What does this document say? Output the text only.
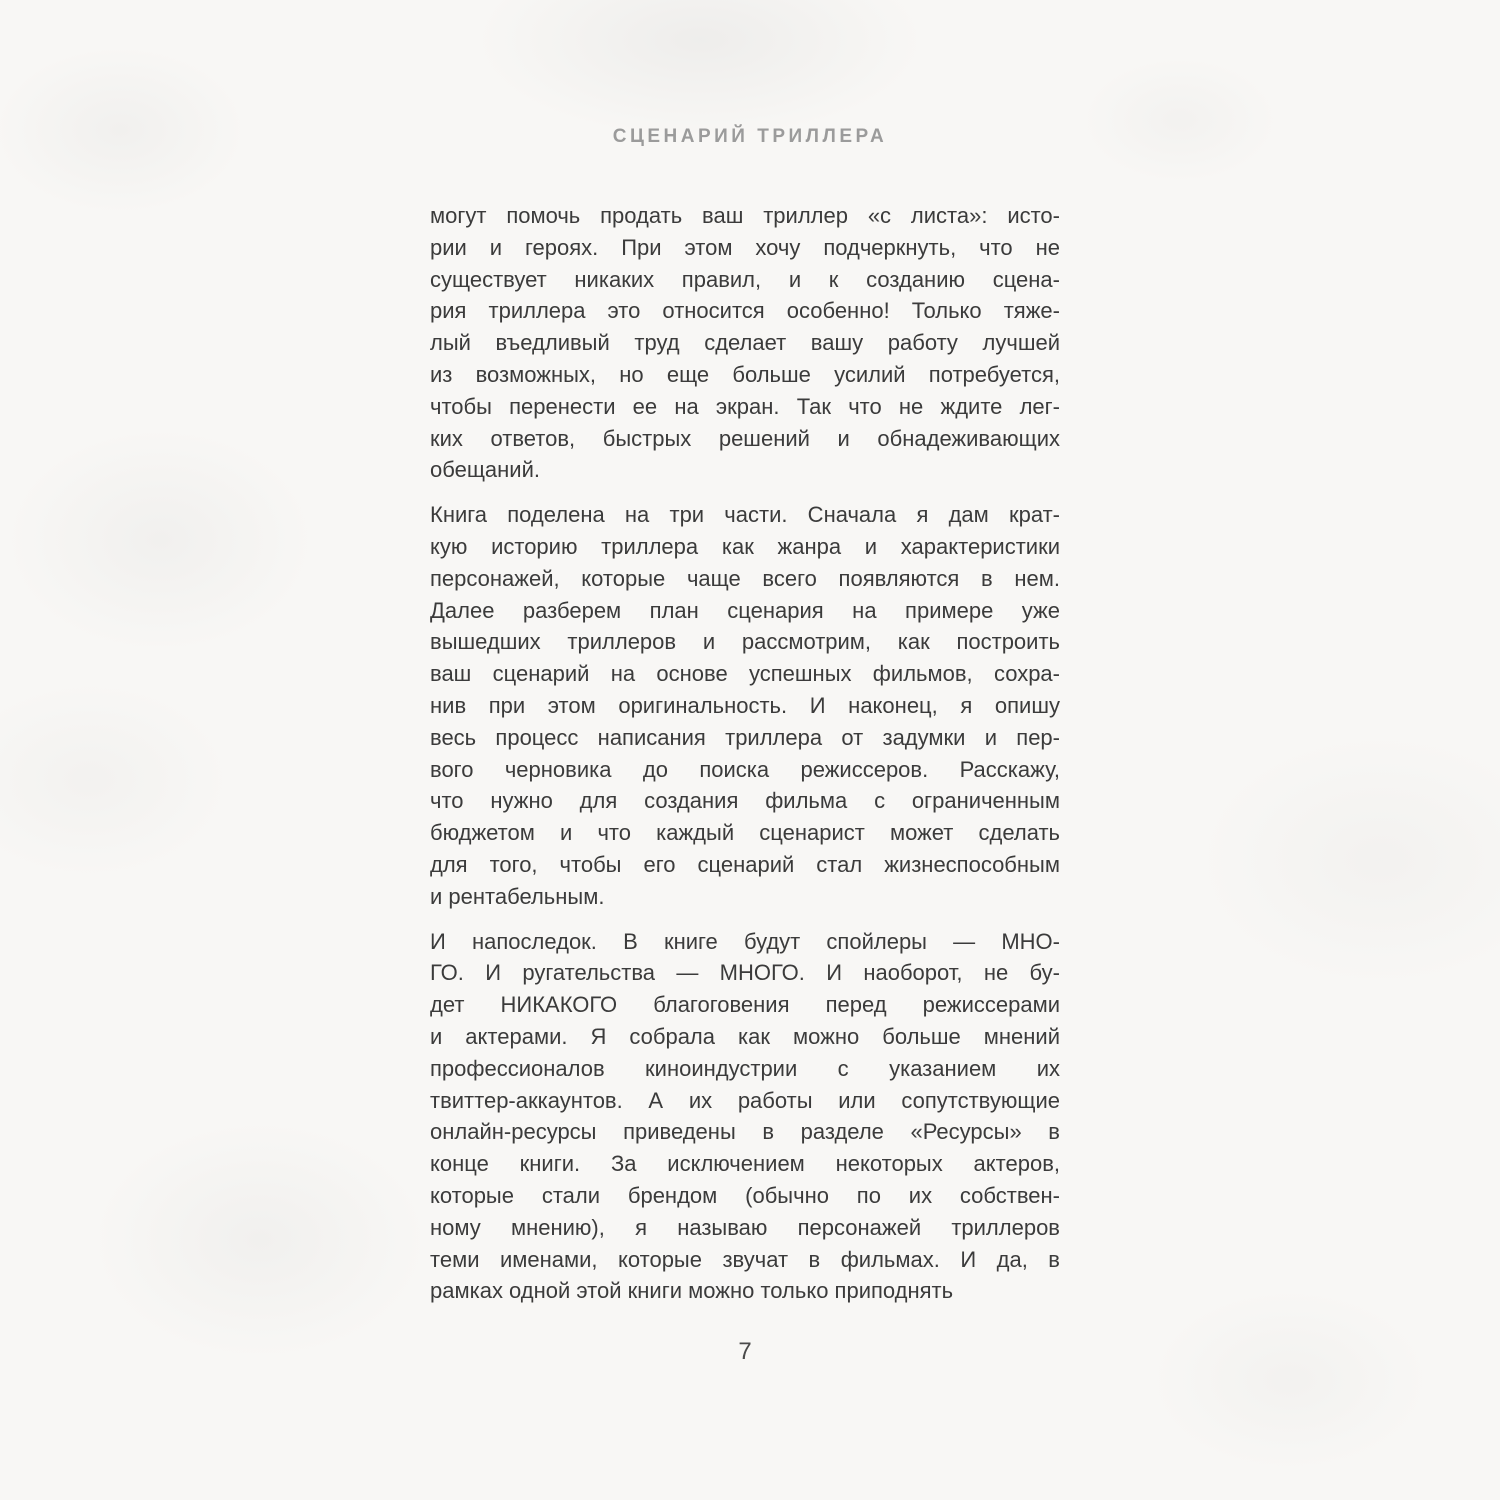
СЦЕНАРИЙ ТРИЛЛЕРА
могут помочь продать ваш триллер «с листа»: исто-
рии и героях. При этом хочу подчеркнуть, что не
существует никаких правил, и к созданию сцена-
рия триллера это относится особенно! Только тяже-
лый въедливый труд сделает вашу работу лучшей
из возможных, но еще больше усилий потребуется,
чтобы перенести ее на экран. Так что не ждите лег-
ких ответов, быстрых решений и обнадеживающих
обещаний.
Книга поделена на три части. Сначала я дам крат-
кую историю триллера как жанра и характеристики
персонажей, которые чаще всего появляются в нем.
Далее разберем план сценария на примере уже
вышедших триллеров и рассмотрим, как построить
ваш сценарий на основе успешных фильмов, сохра-
нив при этом оригинальность. И наконец, я опишу
весь процесс написания триллера от задумки и пер-
вого черновика до поиска режиссеров. Расскажу,
что нужно для создания фильма с ограниченным
бюджетом и что каждый сценарист может сделать
для того, чтобы его сценарий стал жизнеспособным
и рентабельным.
И напоследок. В книге будут спойлеры — МНО-
ГО. И ругательства — МНОГО. И наоборот, не бу-
дет НИКАКОГО благоговения перед режиссерами
и актерами. Я собрала как можно больше мнений
профессионалов киноиндустрии с указанием их
твиттер-аккаунтов. А их работы или сопутствующие
онлайн-ресурсы приведены в разделе «Ресурсы» в
конце книги. За исключением некоторых актеров,
которые стали брендом (обычно по их собствен-
ному мнению), я называю персонажей триллеров
теми именами, которые звучат в фильмах. И да, в
рамках одной этой книги можно только приподнять
7
